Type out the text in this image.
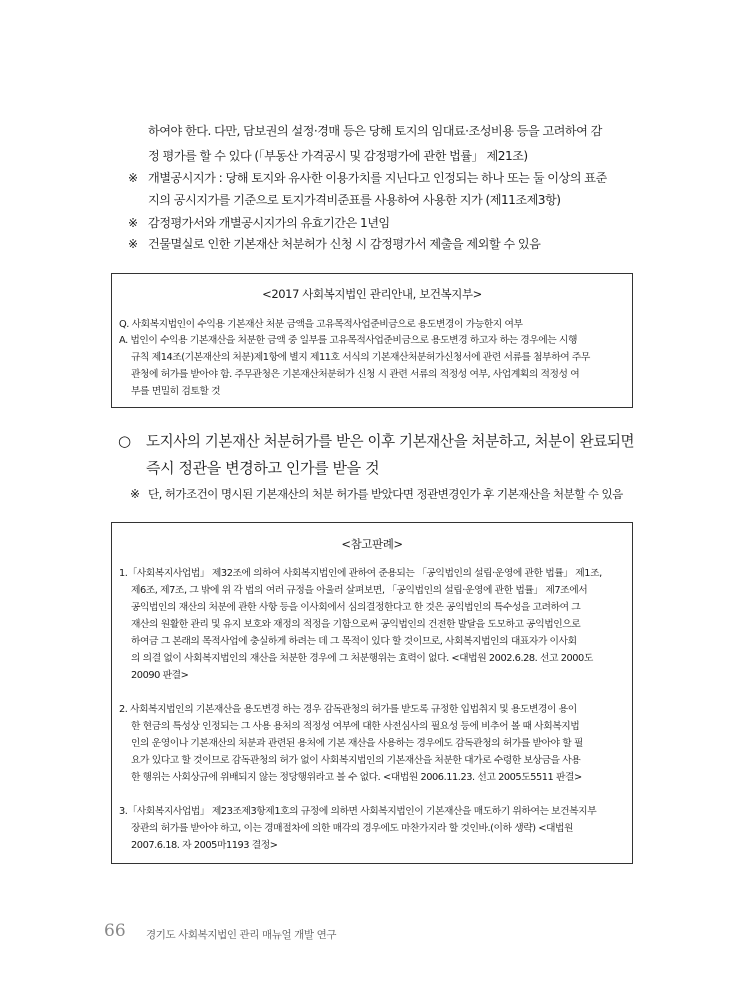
하여야 한다. 다만, 담보권의 설정·경매 등은 당해 토지의 임대료·조성비용 등을 고려하여 감
정 평가를 할 수 있다 (「부동산 가격공시 및 감정평가에 관한 법률」 제21조)
※ 개별공시지가 : 당해 토지와 유사한 이용가치를 지닌다고 인정되는 하나 또는 둘 이상의 표준
지의 공시지가를 기준으로 토지가격비준표를 사용하여 사용한 지가 (제11조제3항)
※ 감정평가서와 개별공시지가의 유효기간은 1년임
※ 건물멸실로 인한 기본재산 처분허가 신청 시 감정평가서 제출을 제외할 수 있음
<2017 사회복지법인 관리안내, 보건복지부>
Q. 사회복지법인이 수익용 기본재산 처분 금액을 고유목적사업준비금으로 용도변경이 가능한지 여부
A. 법인이 수익용 기본재산을 처분한 금액 중 일부를 고유목적사업준비금으로 용도변경 하고자 하는 경우에는 시행
규칙 제14조(기본재산의 처분)제1항에 별지 제11호 서식의 기본재산처분허가신청서에 관련 서류를 첨부하여 주무
관청에 허가를 받아야 함. 주무관청은 기본재산처분허가 신청 시 관련 서류의 적정성 여부, 사업계획의 적정성 여
부를 면밀히 검토할 것
○ 도지사의 기본재산 처분허가를 받은 이후 기본재산을 처분하고, 처분이 완료되면
즉시 정관을 변경하고 인가를 받을 것
※ 단, 허가조건이 명시된 기본재산의 처분 허가를 받았다면 정관변경인가 후 기본재산을 처분할 수 있음
<참고판례>
1.「사회복지사업법」 제32조에 의하여 사회복지법인에 관하여 준용되는 「공익법인의 설립·운영에 관한 법률」 제1조,
제6조, 제7조, 그 밖에 위 각 법의 여러 규정을 아울러 살펴보면, 「공익법인의 설립·운영에 관한 법률」 제7조에서
공익법인의 재산의 처분에 관한 사항 등을 이사회에서 심의결정한다고 한 것은 공익법인의 특수성을 고려하여 그
재산의 원활한 관리 및 유지 보호와 재정의 적정을 기함으로써 공익법인의 건전한 발달을 도모하고 공익법인으로
하여금 그 본래의 목적사업에 충실하게 하려는 데 그 목적이 있다 할 것이므로, 사회복지법인의 대표자가 이사회
의 의결 없이 사회복지법인의 재산을 처분한 경우에 그 처분행위는 효력이 없다. <대법원 2002.6.28. 선고 2000도
20090 판결>
2. 사회복지법인의 기본재산을 용도변경 하는 경우 감독관청의 허가를 받도록 규정한 입법취지 및 용도변경이 용이
한 현금의 특성상 인정되는 그 사용 용처의 적정성 여부에 대한 사전심사의 필요성 등에 비추어 볼 때 사회복지법
인의 운영이나 기본재산의 처분과 관련된 용처에 기본 재산을 사용하는 경우에도 감독관청의 허가를 받아야 할 필
요가 있다고 할 것이므로 감독관청의 허가 없이 사회복지법인의 기본재산을 처분한 대가로 수령한 보상금을 사용
한 행위는 사회상규에 위배되지 않는 정당행위라고 볼 수 없다. <대법원 2006.11.23. 선고 2005도5511 판결>
3.「사회복지사업법」 제23조제3항제1호의 규정에 의하면 사회복지법인이 기본재산을 매도하기 위하여는 보건복지부
장관의 허가를 받아야 하고, 이는 경매절차에 의한 매각의 경우에도 마찬가지라 할 것인바.(이하 생략) <대법원
2007.6.18. 자 2005마1193 결정>
66 경기도 사회복지법인 관리 매뉴얼 개발 연구
